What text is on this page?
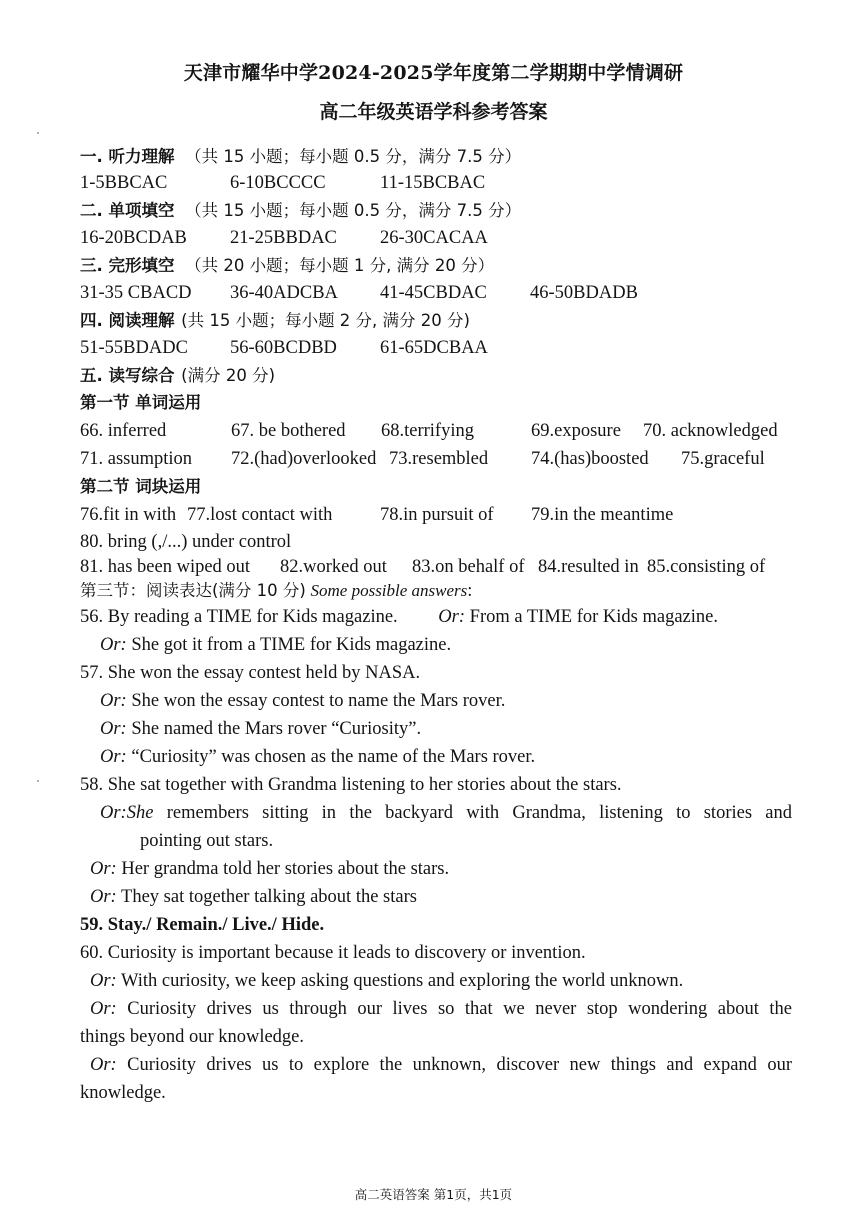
天津市耀华中学2024-2025学年度第二学期期中学情调研
高二年级英语学科参考答案
一. 听力理解 （共 15 小题；每小题 0.5 分，满分 7.5 分）
1-5BBCAC	6-10BCCCC	11-15BCBAC
二. 单项填空 （共 15 小题；每小题 0.5 分，满分 7.5 分）
16-20BCDAB 21-25BBDAC 26-30CACAA
三. 完形填空 （共 20 小题；每小题 1 分, 满分 20 分）
31-35 CBACD 36-40ADCBA 41-45CBDAC 46-50BDADB
四. 阅读理解 (共 15 小题；每小题 2 分, 满分 20 分)
51-55BDADC 56-60BCDBD 61-65DCBAA
五. 读写综合 (满分 20 分)
第一节 单词运用
66. inferred	67. be bothered 68.terrifying	69.exposure 70. acknowledged
71. assumption 72.(had)overlooked 73.resembled 74.(has)boosted 75.graceful
第二节 词块运用
76.fit in with 77.lost contact with	78.in pursuit of 79.in the meantime
80. bring (,/...) under control
81. has been wiped out 82.worked out 83.on behalf of 84.resulted in 85.consisting of
第三节：阅读表达(满分 10 分) Some possible answers:
56. By reading a TIME for Kids magazine. Or: From a TIME for Kids magazine.
Or: She got it from a TIME for Kids magazine.
57. She won the essay contest held by NASA.
Or: She won the essay contest to name the Mars rover.
Or: She named the Mars rover “Curiosity”.
Or: “Curiosity” was chosen as the name of the Mars rover.
58. She sat together with Grandma listening to her stories about the stars.
Or:She remembers sitting in the backyard with Grandma, listening to stories and
pointing out stars.
Or: Her grandma told her stories about the stars.
Or: They sat together talking about the stars
59. Stay./ Remain./ Live./ Hide.
60. Curiosity is important because it leads to discovery or invention.
Or: With curiosity, we keep asking questions and exploring the world unknown.
Or: Curiosity drives us through our lives so that we never stop wondering about the
things beyond our knowledge.
Or: Curiosity drives us to explore the unknown, discover new things and expand our
knowledge.
高二英语答案 第1页，共1页
